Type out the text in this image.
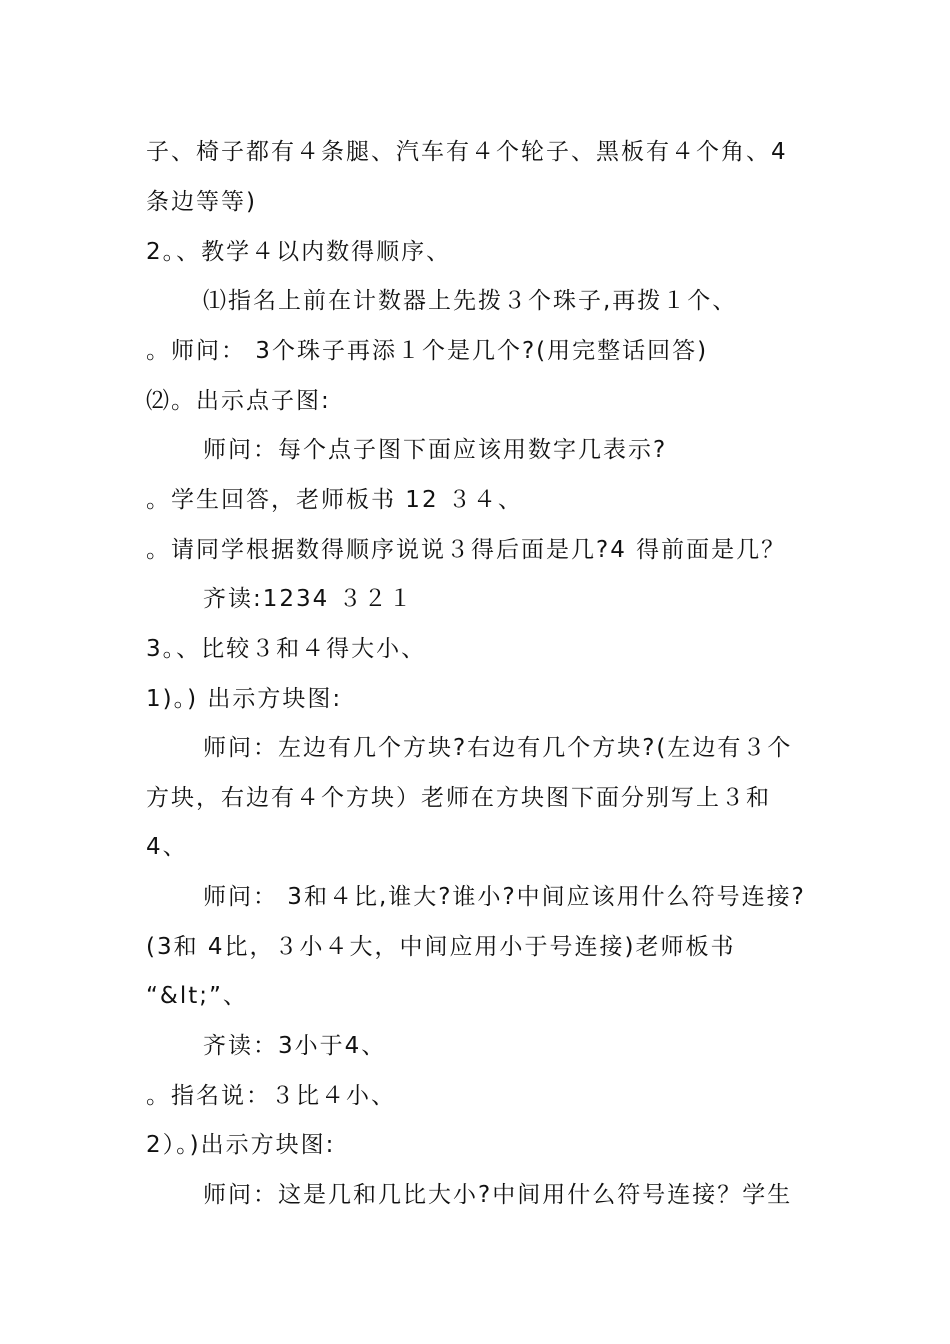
子、椅子都有４条腿、汽车有４个轮子、黑板有４个角、4
条边等等)
2。、教学４以内数得顺序、
⑴指名上前在计数器上先拨３个珠子,再拨１个、
。师问： 3个珠子再添１个是几个?(用完整话回答)
⑵。出示点子图:
师问：每个点子图下面应该用数字几表示?
。学生回答，老师板书 12 ３４、
。请同学根据数得顺序说说３得后面是几?4 得前面是几？
齐读:1234 ３２１
3。、比较３和４得大小、
1)。) 出示方块图:
师问：左边有几个方块?右边有几个方块?(左边有３个
方块，右边有４个方块）老师在方块图下面分别写上３和
4、
师问： 3和４比,谁大?谁小?中间应该用什么符号连接?
(3和 4比，３小４大，中间应用小于号连接)老师板书
“&lt;”、
齐读：3小于4、
。指名说：３比４小、
2）。)出示方块图:
师问：这是几和几比大小?中间用什么符号连接？学生
